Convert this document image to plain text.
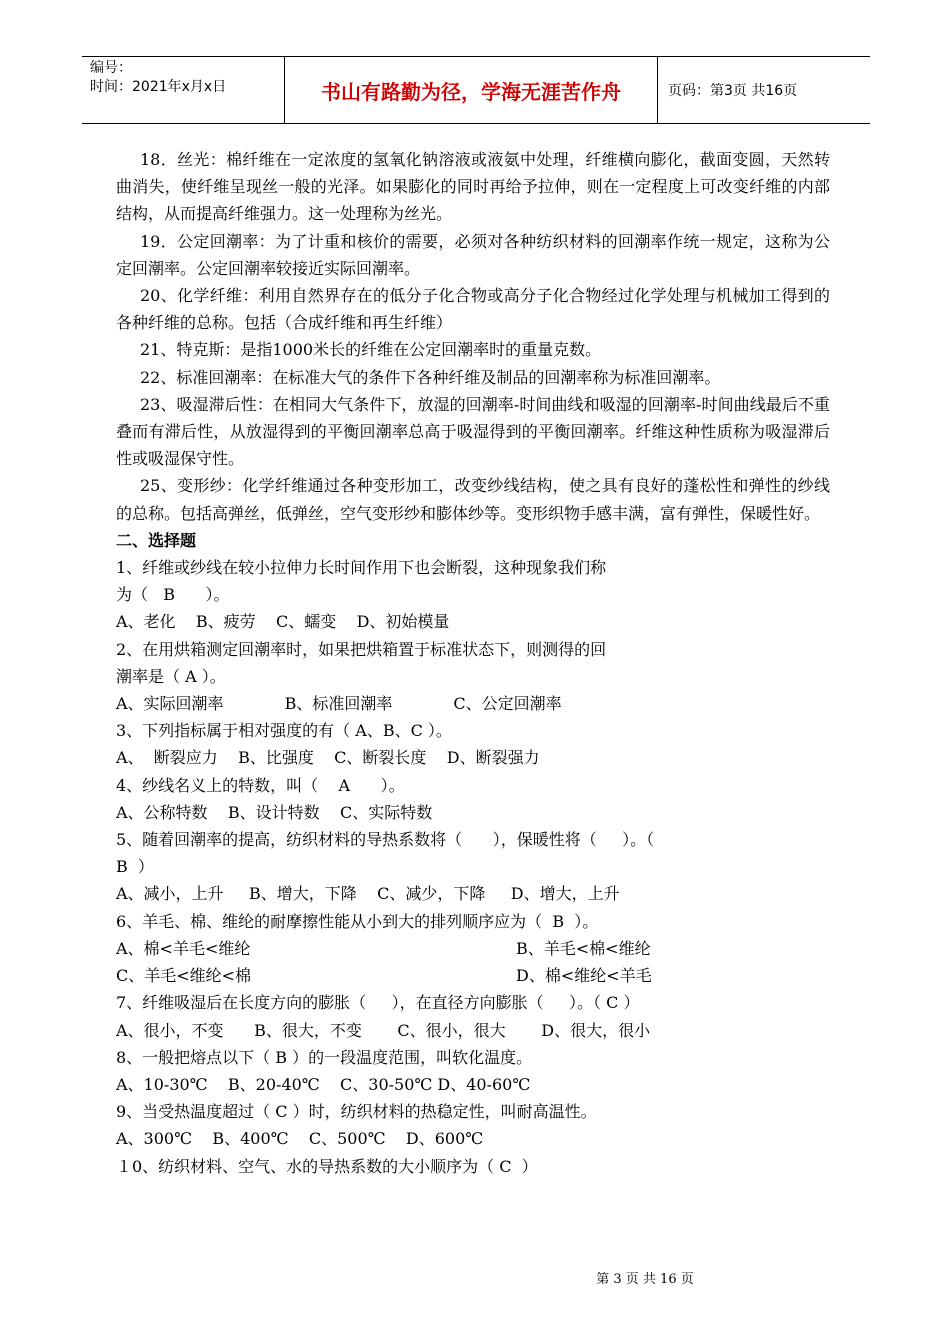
编号：
时间：2021年x月x日	书山有路勤为径，学海无涯苦作舟	页码：第3页 共16页

18．丝光：棉纤维在一定浓度的氢氧化钠溶液或液氨中处理，纤维横向膨化，截面变圆，天然转曲消失，使纤维呈现丝一般的光泽。如果膨化的同时再给予拉伸，则在一定程度上可改变纤维的内部结构，从而提高纤维强力。这一处理称为丝光。

19．公定回潮率：为了计重和核价的需要，必须对各种纺织材料的回潮率作统一规定，这称为公定回潮率。公定回潮率较接近实际回潮率。

20、化学纤维：利用自然界存在的低分子化合物或高分子化合物经过化学处理与机械加工得到的各种纤维的总称。包括（合成纤维和再生纤维）

21、特克斯：是指1000米长的纤维在公定回潮率时的重量克数。

22、标准回潮率：在标准大气的条件下各种纤维及制品的回潮率称为标准回潮率。

23、吸湿滞后性：在相同大气条件下，放湿的回潮率-时间曲线和吸湿的回潮率-时间曲线最后不重叠而有滞后性，从放湿得到的平衡回潮率总高于吸湿得到的平衡回潮率。纤维这种性质称为吸湿滞后性或吸湿保守性。

25、变形纱：化学纤维通过各种变形加工，改变纱线结构，使之具有良好的蓬松性和弹性的纱线的总称。包括高弹丝，低弹丝，空气变形纱和膨体纱等。变形织物手感丰满，富有弹性，保暖性好。

二、选择题

1、纤维或纱线在较小拉伸力长时间作用下也会断裂，这种现象我们称

为（   B      ）。

A、老化    B、疲劳    C、蠕变    D、初始模量

2、在用烘箱测定回潮率时，如果把烘箱置于标准状态下，则测得的回

潮率是（ A ）。

A、实际回潮率            B、标准回潮率            C、公定回潮率

3、下列指标属于相对强度的有（ A、B、C ）。

A、  断裂应力    B、比强度    C、断裂长度    D、断裂强力

4、纱线名义上的特数，叫（    A      ）。

A、公称特数    B、设计特数    C、实际特数

5、随着回潮率的提高，纺织材料的导热系数将（      ），保暖性将（     ）。（

B  ）

A、减小，上升     B、增大，下降    C、减少，下降     D、增大，上升

6、羊毛、棉、维纶的耐摩擦性能从小到大的排列顺序应为（  B  ）。

A、棉<羊毛<维纶	B、羊毛<棉<维纶
C、羊毛<维纶<棉	D、棉<维纶<羊毛

7、纤维吸湿后在长度方向的膨胀（     ），在直径方向膨胀（     ）。（ C ）

A、很小，不变      B、很大，不变       C、很小，很大       D、很大，很小

8、一般把熔点以下（ B ）的一段温度范围，叫软化温度。

A、10-30℃    B、20-40℃    C、30-50℃ D、40-60℃

9、当受热温度超过（ C ）时，纺织材料的热稳定性，叫耐高温性。

A、300℃    B、400℃    C、500℃    D、600℃

１0、纺织材料、空气、水的导热系数的大小顺序为（ C  ）

第 3 页 共 16 页
